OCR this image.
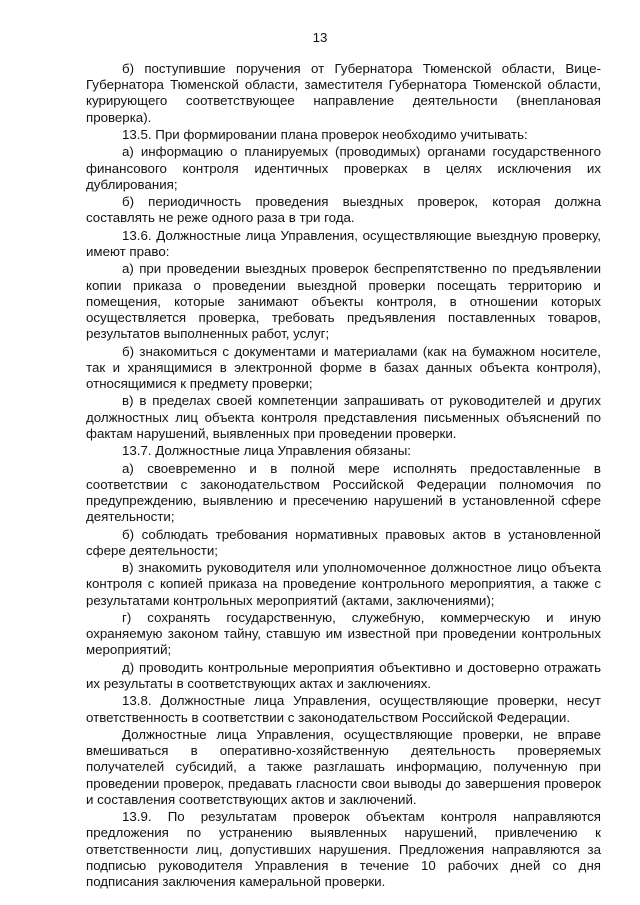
13

б) поступившие поручения от Губернатора Тюменской области, Вице-Губернатора Тюменской области, заместителя Губернатора Тюменской области, курирующего соответствующее направление деятельности (внеплановая проверка).

13.5. При формировании плана проверок необходимо учитывать:

а) информацию о планируемых (проводимых) органами государственного финансового контроля идентичных проверках в целях исключения их дублирования;

б) периодичность проведения выездных проверок, которая должна составлять не реже одного раза в три года.

13.6. Должностные лица Управления, осуществляющие выездную проверку, имеют право:

а) при проведении выездных проверок беспрепятственно по предъявлении копии приказа о проведении выездной проверки посещать территорию и помещения, которые занимают объекты контроля, в отношении которых осуществляется проверка, требовать предъявления поставленных товаров, результатов выполненных работ, услуг;

б) знакомиться с документами и материалами (как на бумажном носителе, так и хранящимися в электронной форме в базах данных объекта контроля), относящимися к предмету проверки;

в) в пределах своей компетенции запрашивать от руководителей и других должностных лиц объекта контроля представления письменных объяснений по фактам нарушений, выявленных при проведении проверки.

13.7. Должностные лица Управления обязаны:

а) своевременно и в полной мере исполнять предоставленные в соответствии с законодательством Российской Федерации полномочия по предупреждению, выявлению и пресечению нарушений в установленной сфере деятельности;

б) соблюдать требования нормативных правовых актов в установленной сфере деятельности;

в) знакомить руководителя или уполномоченное должностное лицо объекта контроля с копией приказа на проведение контрольного мероприятия, а также с результатами контрольных мероприятий (актами, заключениями);

г) сохранять государственную, служебную, коммерческую и иную охраняемую законом тайну, ставшую им известной при проведении контрольных мероприятий;

д) проводить контрольные мероприятия объективно и достоверно отражать их результаты в соответствующих актах и заключениях.

13.8. Должностные лица Управления, осуществляющие проверки, несут ответственность в соответствии с законодательством Российской Федерации.

Должностные лица Управления, осуществляющие проверки, не вправе вмешиваться в оперативно-хозяйственную деятельность проверяемых получателей субсидий, а также разглашать информацию, полученную при проведении проверок, предавать гласности свои выводы до завершения проверок и составления соответствующих актов и заключений.

13.9. По результатам проверок объектам контроля направляются предложения по устранению выявленных нарушений, привлечению к ответственности лиц, допустивших нарушения. Предложения направляются за подписью руководителя Управления в течение 10 рабочих дней со дня подписания заключения камеральной проверки.
